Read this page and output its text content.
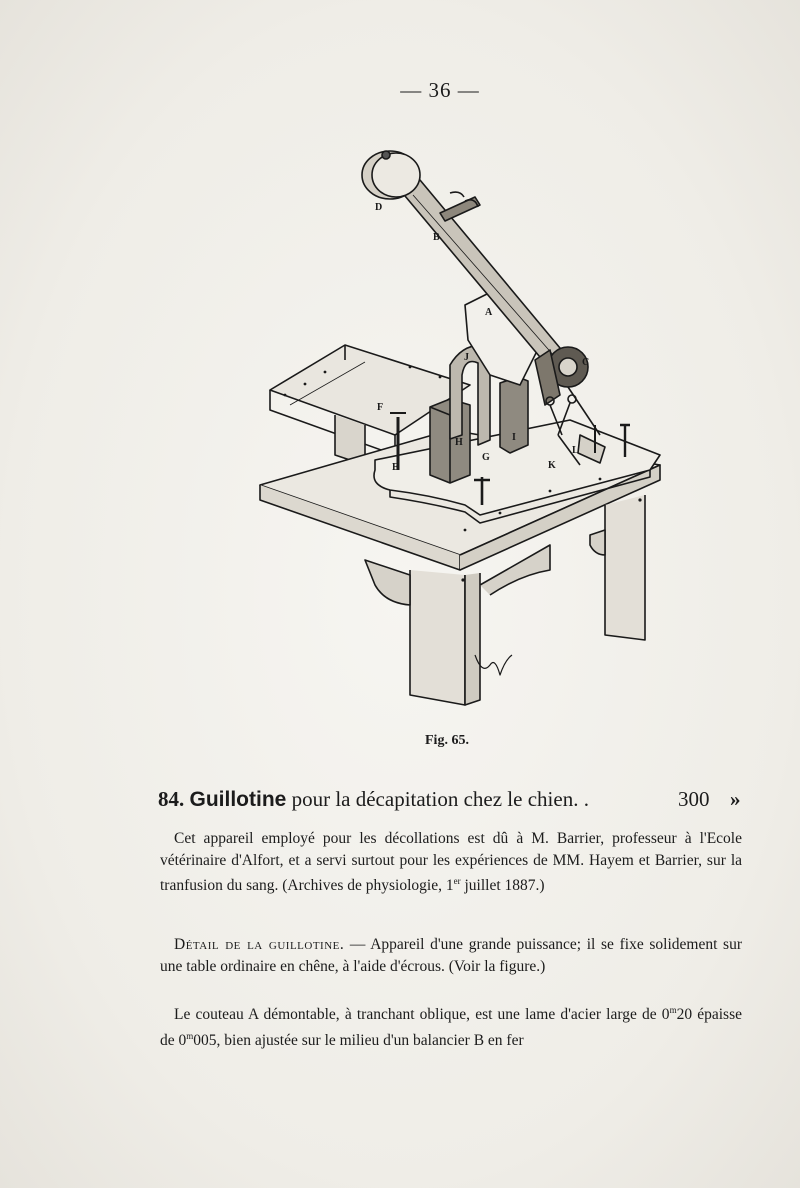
— 36 —
D
B
A
J	C
F
H	I
G
K
L
E
Fig. 65.
84. Guillotine pour la décapitation chez le chien. .	300 »
Cet appareil employé pour les décollations est dû à M. Barrier, professeur à l'Ecole vétérinaire d'Alfort, et a servi surtout pour les expériences de MM. Hayem et Barrier, sur la tranfusion du sang. (Archives de physiologie, 1er juillet 1887.)
Détail de la guillotine. — Appareil d'une grande puissance; il se fixe solidement sur une table ordinaire en chêne, à l'aide d'écrous. (Voir la figure.)
Le couteau A démontable, à tranchant oblique, est une lame d'acier large de 0$^m$20 épaisse de 0$^m$005, bien ajustée sur le milieu d'un balancier B en fer
